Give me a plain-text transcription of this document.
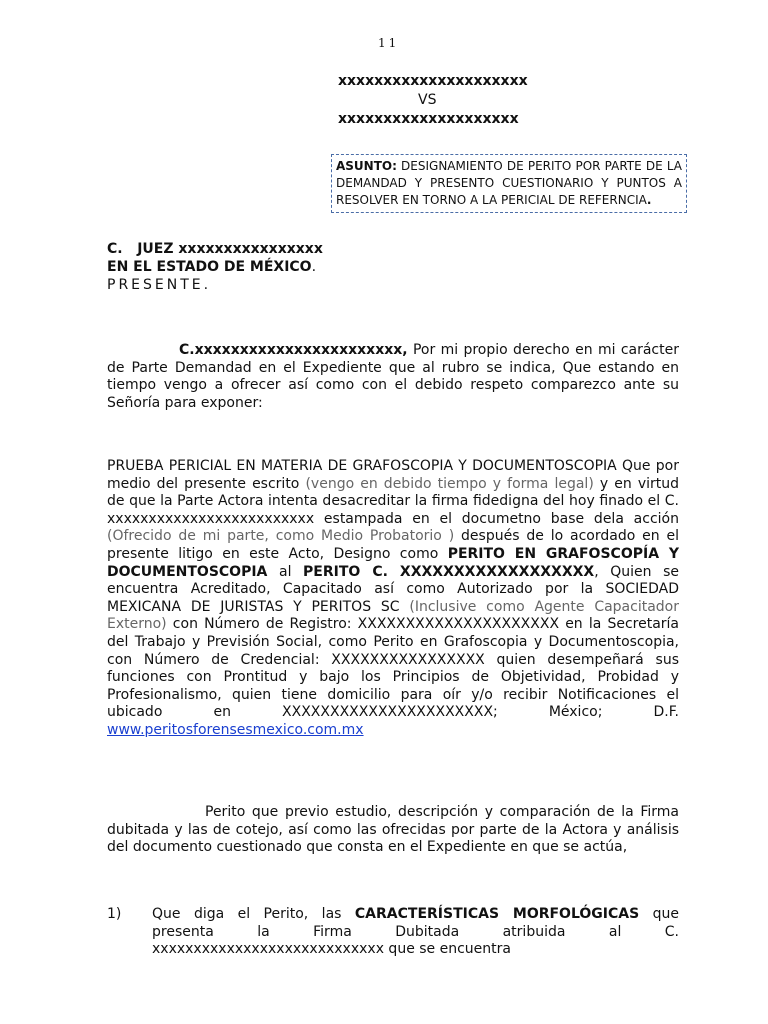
11
xxxxxxxxxxxxxxxxxxxxx
VS
xxxxxxxxxxxxxxxxxxxx
ASUNTO: DESIGNAMIENTO DE PERITO POR PARTE DE LA DEMANDAD Y PRESENTO CUESTIONARIO Y PUNTOS A RESOLVER EN TORNO A LA PERICIAL DE REFERNCIA.
C.   JUEZ xxxxxxxxxxxxxxxx
EN EL ESTADO DE MÉXICO.
PRESENTE.
C.xxxxxxxxxxxxxxxxxxxxxxx, Por mi propio derecho en mi carácter de Parte Demandad en el Expediente que al rubro se indica, Que estando en tiempo vengo a ofrecer así como con el debido respeto comparezco ante su Señoría para exponer:
PRUEBA PERICIAL EN MATERIA DE GRAFOSCOPIA Y DOCUMENTOSCOPIA Que por medio del presente escrito (vengo en debido tiempo y forma legal) y en virtud de que la Parte Actora intenta desacreditar la firma fidedigna del hoy finado el C. xxxxxxxxxxxxxxxxxxxxxxxxx estampada en el documetno base dela acción (Ofrecido de mi parte, como Medio Probatorio ) después de lo acordado en el presente litigo en este Acto, Designo como PERITO EN GRAFOSCOPÍA Y DOCUMENTOSCOPIA al PERITO C. XXXXXXXXXXXXXXXXXX, Quien se encuentra Acreditado, Capacitado así como Autorizado por la SOCIEDAD MEXICANA DE JURISTAS Y PERITOS SC (Inclusive como Agente Capacitador Externo) con Número de Registro: XXXXXXXXXXXXXXXXXXXXX en la Secretaría del Trabajo y Previsión Social, como Perito en Grafoscopia y Documentoscopia, con Número de Credencial: XXXXXXXXXXXXXXXX quien desempeñará sus funciones con Prontitud y bajo los Principios de Objetividad, Probidad y Profesionalismo, quien tiene domicilio para oír y/o recibir Notificaciones el ubicado en XXXXXXXXXXXXXXXXXXXXXX; México; D.F. www.peritosforensesmexico.com.mx
Perito que previo estudio, descripción y comparación de la Firma dubitada y las de cotejo, así como las ofrecidas por parte de la Actora y análisis del documento cuestionado que consta en el Expediente en que se actúa,
1) Que diga el Perito, las CARACTERÍSTICAS MORFOLÓGICAS que presenta la Firma Dubitada atribuida al C. xxxxxxxxxxxxxxxxxxxxxxxxxxxx que se encuentra
